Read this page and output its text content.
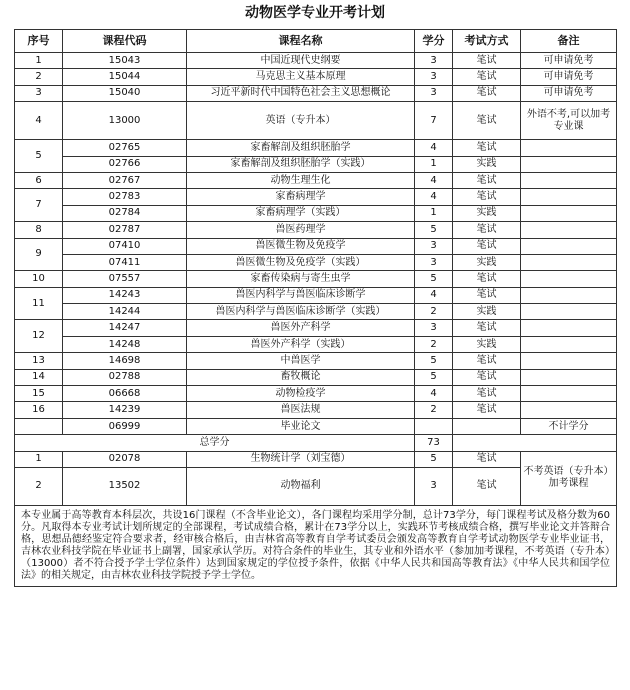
动物医学专业开考计划
序号	课程代码	课程名称	学分	考试方式	备注
1	15043	中国近现代史纲要	3	笔试	可申请免考
2	15044	马克思主义基本原理	3	笔试	可申请免考
3	15040	习近平新时代中国特色社会主义思想概论	3	笔试	可申请免考
4	13000	英语（专升本）	7	笔试	外语不考,可以加考专业课
5	02765	家畜解剖及组织胚胎学	4	笔试	
	02766	家畜解剖及组织胚胎学（实践）	1	实践	
6	02767	动物生理生化	4	笔试	
7	02783	家畜病理学	4	笔试	
	02784	家畜病理学（实践）	1	实践	
8	02787	兽医药理学	5	笔试	
9	07410	兽医微生物及免疫学	3	笔试	
	07411	兽医微生物及免疫学（实践）	3	实践	
10	07557	家畜传染病与寄生虫学	5	笔试	
11	14243	兽医内科学与兽医临床诊断学	4	笔试	
	14244	兽医内科学与兽医临床诊断学（实践）	2	实践	
12	14247	兽医外产科学	3	笔试	
	14248	兽医外产科学（实践）	2	实践	
13	14698	中兽医学	5	笔试	
14	02788	畜牧概论	5	笔试	
15	06668	动物检疫学	4	笔试	
16	14239	兽医法规	2	笔试	
	06999	毕业论文			不计学分
总学分			73		
1	02078	生物统计学（刘宝德）	5	笔试	不考英语（专升本）加考课程
2	13502	动物福利	3	笔试	
本专业属于高等教育本科层次，共设16门课程（不含毕业论文），各门课程均采用学分制，总计73学分，每门课程考试及格分数为60分。凡取得本专业考试计划所规定的全部课程，考试成绩合格，累计在73学分以上，实践环节考核成绩合格，撰写毕业论文并答辩合格，思想品德经鉴定符合要求者，经审核合格后，由吉林省高等教育自学考试委员会颁发高等教育自学考试动物医学专业毕业证书，吉林农业科技学院在毕业证书上副署，国家承认学历。对符合条件的毕业生，其专业和外语水平（参加加考课程，不考英语（专升本）（13000）者不符合授予学士学位条件）达到国家规定的学位授予条件，依据《中华人民共和国高等教育法》《中华人民共和国学位法》的相关规定，由吉林农业科技学院授予学士学位。					
